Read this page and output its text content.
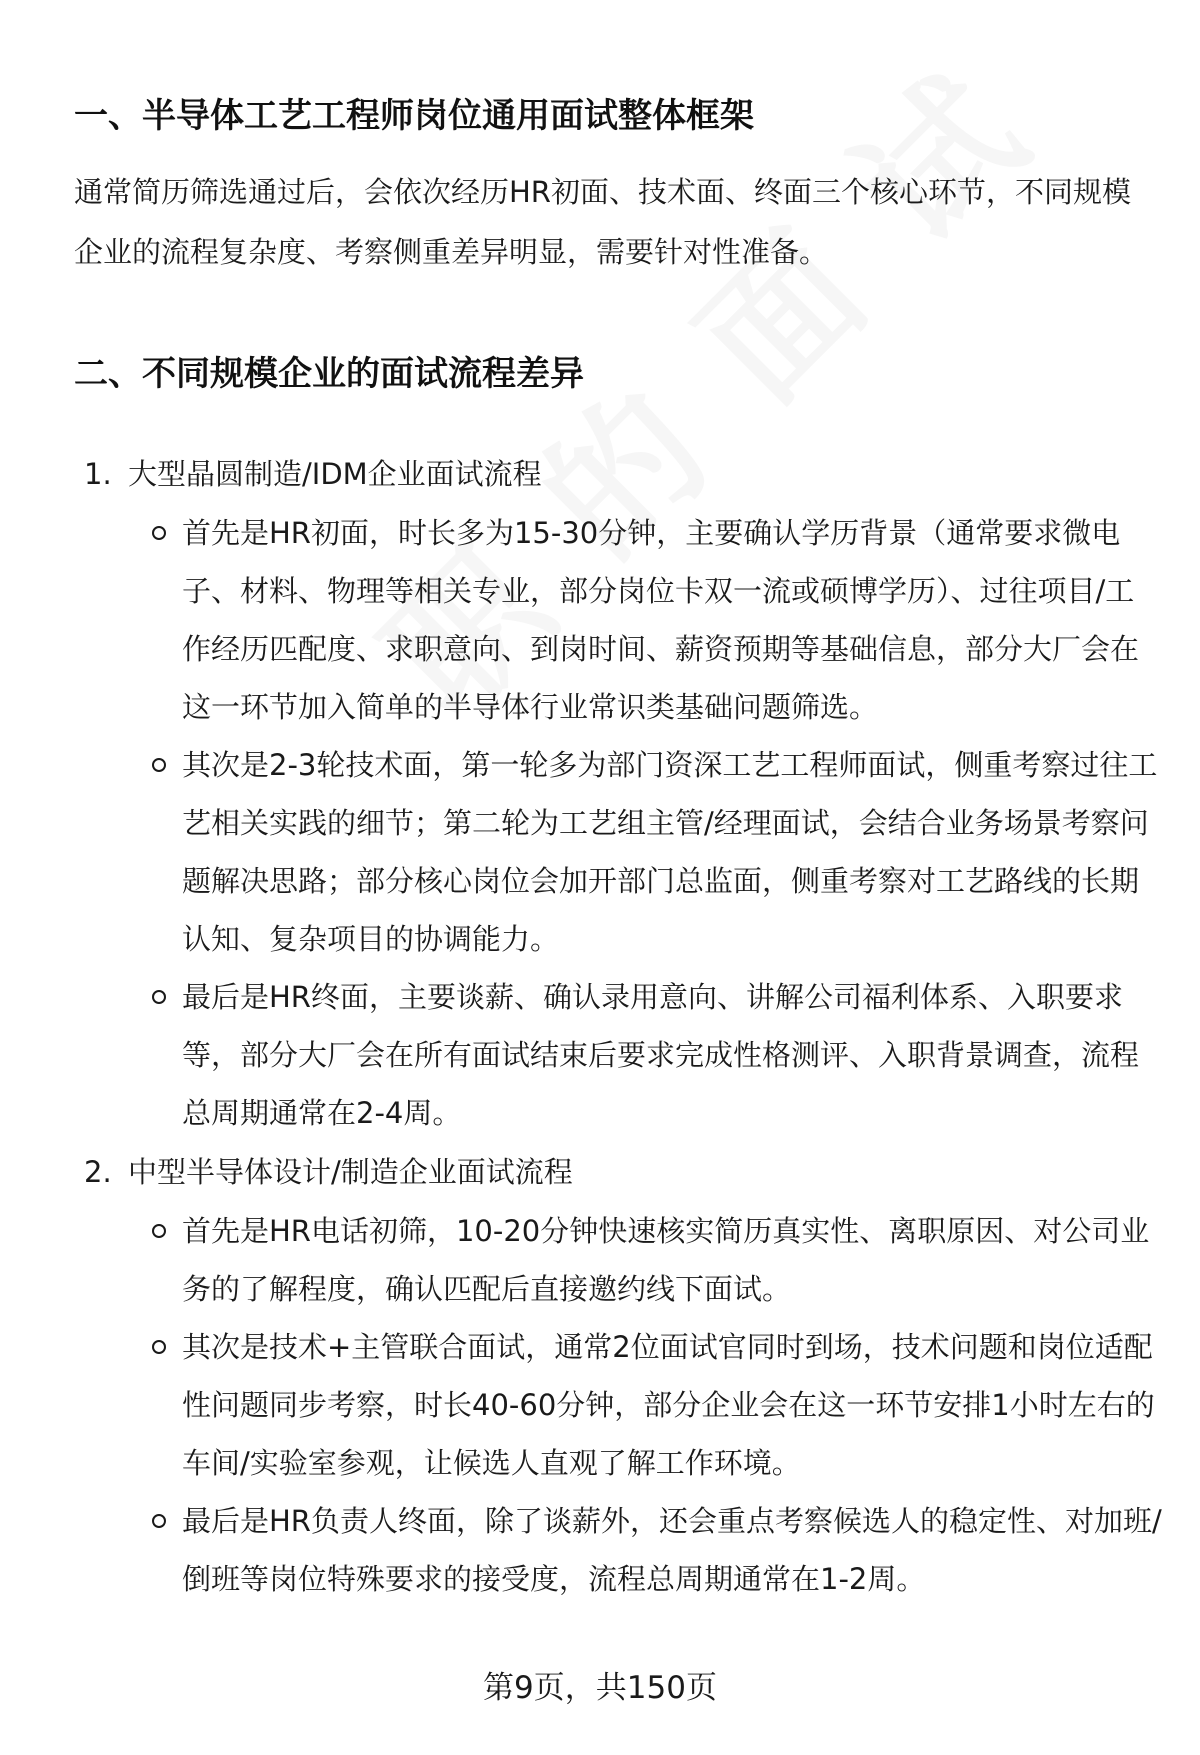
一、半导体工艺工程师岗位通用面试整体框架

通常简历筛选通过后，会依次经历HR初面、技术面、终面三个核心环节，不同规模企业的流程复杂度、考察侧重差异明显，需要针对性准备。

二、不同规模企业的面试流程差异
1. 大型晶圆制造/IDM企业面试流程
首先是HR初面，时长多为15-30分钟，主要确认学历背景（通常要求微电子、材料、物理等相关专业，部分岗位卡双一流或硕博学历）、过往项目/工作经历匹配度、求职意向、到岗时间、薪资预期等基础信息，部分大厂会在这一环节加入简单的半导体行业常识类基础问题筛选。
其次是2-3轮技术面，第一轮多为部门资深工艺工程师面试，侧重考察过往工艺相关实践的细节；第二轮为工艺组主管/经理面试，会结合业务场景考察问题解决思路；部分核心岗位会加开部门总监面，侧重考察对工艺路线的长期认知、复杂项目的协调能力。
最后是HR终面，主要谈薪、确认录用意向、讲解公司福利体系、入职要求等，部分大厂会在所有面试结束后要求完成性格测评、入职背景调查，流程总周期通常在2-4周。
2. 中型半导体设计/制造企业面试流程
首先是HR电话初筛，10-20分钟快速核实简历真实性、离职原因、对公司业务的了解程度，确认匹配后直接邀约线下面试。
其次是技术+主管联合面试，通常2位面试官同时到场，技术问题和岗位适配性问题同步考察，时长40-60分钟，部分企业会在这一环节安排1小时左右的车间/实验室参观，让候选人直观了解工作环境。
最后是HR负责人终面，除了谈薪外，还会重点考察候选人的稳定性、对加班/倒班等岗位特殊要求的接受度，流程总周期通常在1-2周。
第9页，共150页
